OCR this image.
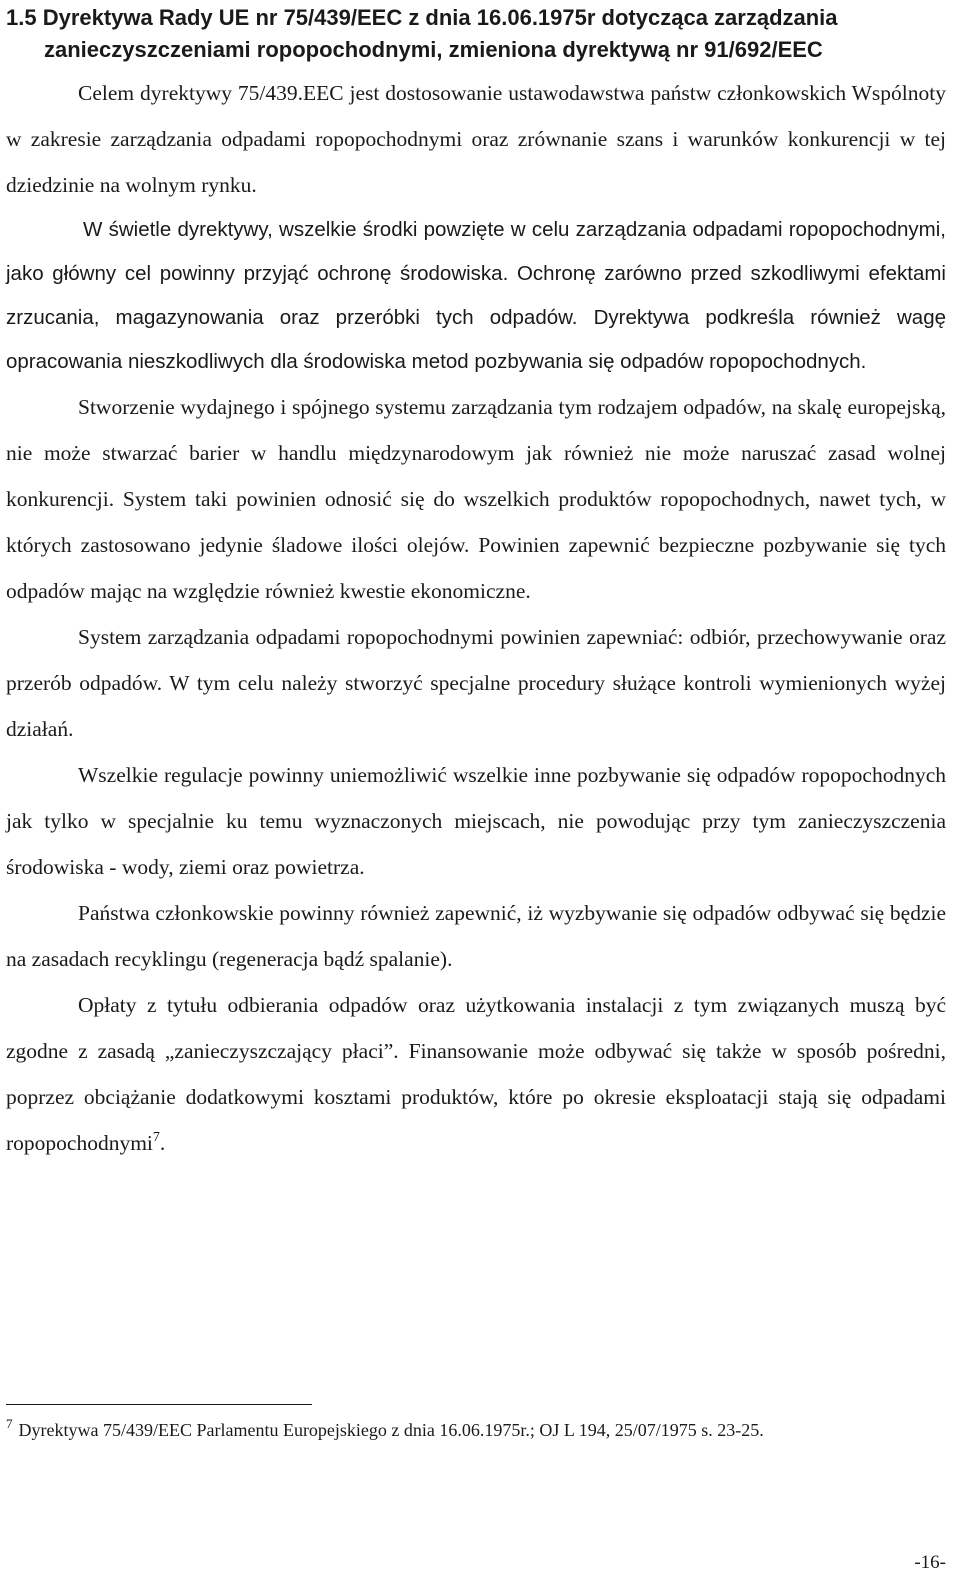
1.5 Dyrektywa Rady UE nr 75/439/EEC z dnia 16.06.1975r dotycząca zarządzania
zanieczyszczeniami ropopochodnymi, zmieniona dyrektywą nr 91/692/EEC

Celem dyrektywy 75/439.EEC jest dostosowanie ustawodawstwa państw członkowskich Wspólnoty w zakresie zarządzania odpadami ropopochodnymi oraz zrównanie szans i warunków konkurencji w tej dziedzinie na wolnym rynku.

W świetle dyrektywy, wszelkie środki powzięte w celu zarządzania odpadami ropopochodnymi, jako główny cel powinny przyjąć ochronę środowiska. Ochronę zarówno przed szkodliwymi efektami zrzucania, magazynowania oraz przeróbki tych odpadów. Dyrektywa podkreśla również wagę opracowania nieszkodliwych dla środowiska metod pozbywania się odpadów ropopochodnych.

Stworzenie wydajnego i spójnego systemu zarządzania tym rodzajem odpadów, na skalę europejską, nie może stwarzać barier w handlu międzynarodowym jak również nie może naruszać zasad wolnej konkurencji. System taki powinien odnosić się do wszelkich produktów ropopochodnych, nawet tych, w których zastosowano jedynie śladowe ilości olejów. Powinien zapewnić bezpieczne pozbywanie się tych odpadów mając na względzie również kwestie ekonomiczne.

System zarządzania odpadami ropopochodnymi powinien zapewniać: odbiór, przechowywanie oraz przerób odpadów. W tym celu należy stworzyć specjalne procedury służące kontroli wymienionych wyżej działań.

Wszelkie regulacje powinny uniemożliwić wszelkie inne pozbywanie się odpadów ropopochodnych jak tylko w specjalnie ku temu wyznaczonych miejscach, nie powodując przy tym zanieczyszczenia środowiska - wody, ziemi oraz powietrza.

Państwa członkowskie powinny również zapewnić, iż wyzbywanie się odpadów odbywać się będzie na zasadach recyklingu (regeneracja bądź spalanie).

Opłaty z tytułu odbierania odpadów oraz użytkowania instalacji z tym związanych muszą być zgodne z zasadą „zanieczyszczający płaci”. Finansowanie może odbywać się także w sposób pośredni, poprzez obciążanie dodatkowymi kosztami produktów, które po okresie eksploatacji stają się odpadami ropopochodnymi$^7$.

$^7$ Dyrektywa 75/439/EEC Parlamentu Europejskiego z dnia 16.06.1975r.; OJ L 194, 25/07/1975 s. 23-25.

-16-
